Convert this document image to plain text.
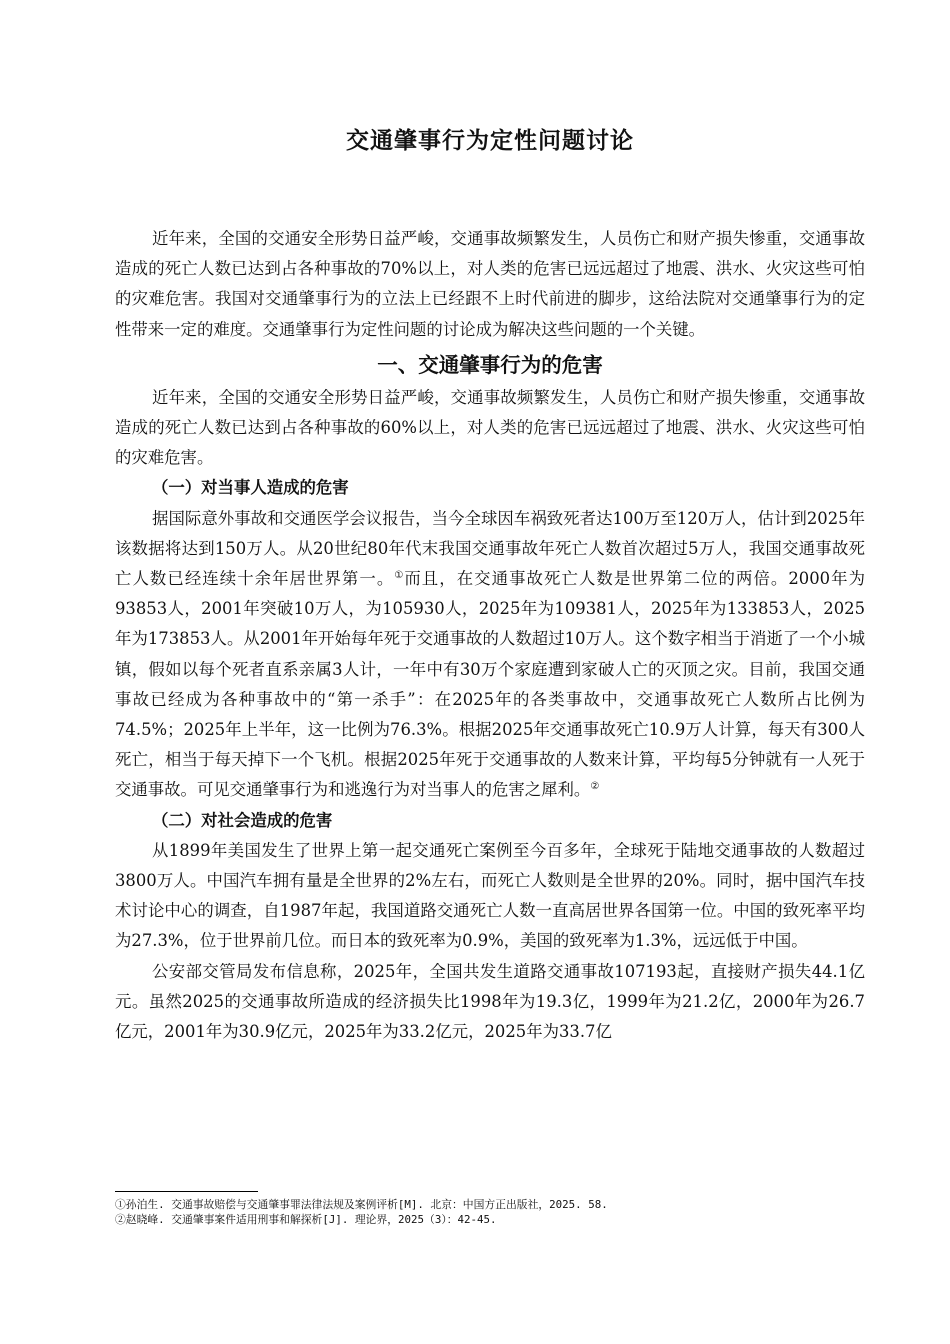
交通肇事行为定性问题讨论

近年来，全国的交通安全形势日益严峻，交通事故频繁发生，人员伤亡和财产损失惨重，交通事故造成的死亡人数已达到占各种事故的70%以上，对人类的危害已远远超过了地震、洪水、火灾这些可怕的灾难危害。我国对交通肇事行为的立法上已经跟不上时代前进的脚步，这给法院对交通肇事行为的定性带来一定的难度。交通肇事行为定性问题的讨论成为解决这些问题的一个关键。

一、交通肇事行为的危害

近年来，全国的交通安全形势日益严峻，交通事故频繁发生，人员伤亡和财产损失惨重，交通事故造成的死亡人数已达到占各种事故的60%以上，对人类的危害已远远超过了地震、洪水、火灾这些可怕的灾难危害。

（一）对当事人造成的危害

据国际意外事故和交通医学会议报告，当今全球因车祸致死者达100万至120万人，估计到2025年该数据将达到150万人。从20世纪80年代末我国交通事故年死亡人数首次超过5万人，我国交通事故死亡人数已经连续十余年居世界第一。①而且，在交通事故死亡人数是世界第二位的两倍。2000年为93853人，2001年突破10万人，为105930人，2025年为109381人，2025年为133853人，2025年为173853人。从2001年开始每年死于交通事故的人数超过10万人。这个数字相当于消逝了一个小城镇，假如以每个死者直系亲属3人计，一年中有30万个家庭遭到家破人亡的灭顶之灾。目前，我国交通事故已经成为各种事故中的“第一杀手”：在2025年的各类事故中，交通事故死亡人数所占比例为74.5%；2025年上半年，这一比例为76.3%。根据2025年交通事故死亡10.9万人计算，每天有300人死亡，相当于每天掉下一个飞机。根据2025年死于交通事故的人数来计算，平均每5分钟就有一人死于交通事故。可见交通肇事行为和逃逸行为对当事人的危害之犀利。②

（二）对社会造成的危害

从1899年美国发生了世界上第一起交通死亡案例至今百多年，全球死于陆地交通事故的人数超过3800万人。中国汽车拥有量是全世界的2%左右，而死亡人数则是全世界的20%。同时，据中国汽车技术讨论中心的调查，自1987年起，我国道路交通死亡人数一直高居世界各国第一位。中国的致死率平均为27.3%，位于世界前几位。而日本的致死率为0.9%，美国的致死率为1.3%，远远低于中国。

公安部交管局发布信息称，2025年，全国共发生道路交通事故107193起，直接财产损失44.1亿元。虽然2025的交通事故所造成的经济损失比1998年为19.3亿，1999年为21.2亿，2000年为26.7亿元，2001年为30.9亿元，2025年为33.2亿元，2025年为33.7亿

①孙泊生. 交通事故赔偿与交通肇事罪法律法规及案例评析[M]. 北京：中国方正出版社，2025. 58.
②赵晓峰. 交通肇事案件适用刑事和解探析[J]. 理论界，2025（3）：42-45.
